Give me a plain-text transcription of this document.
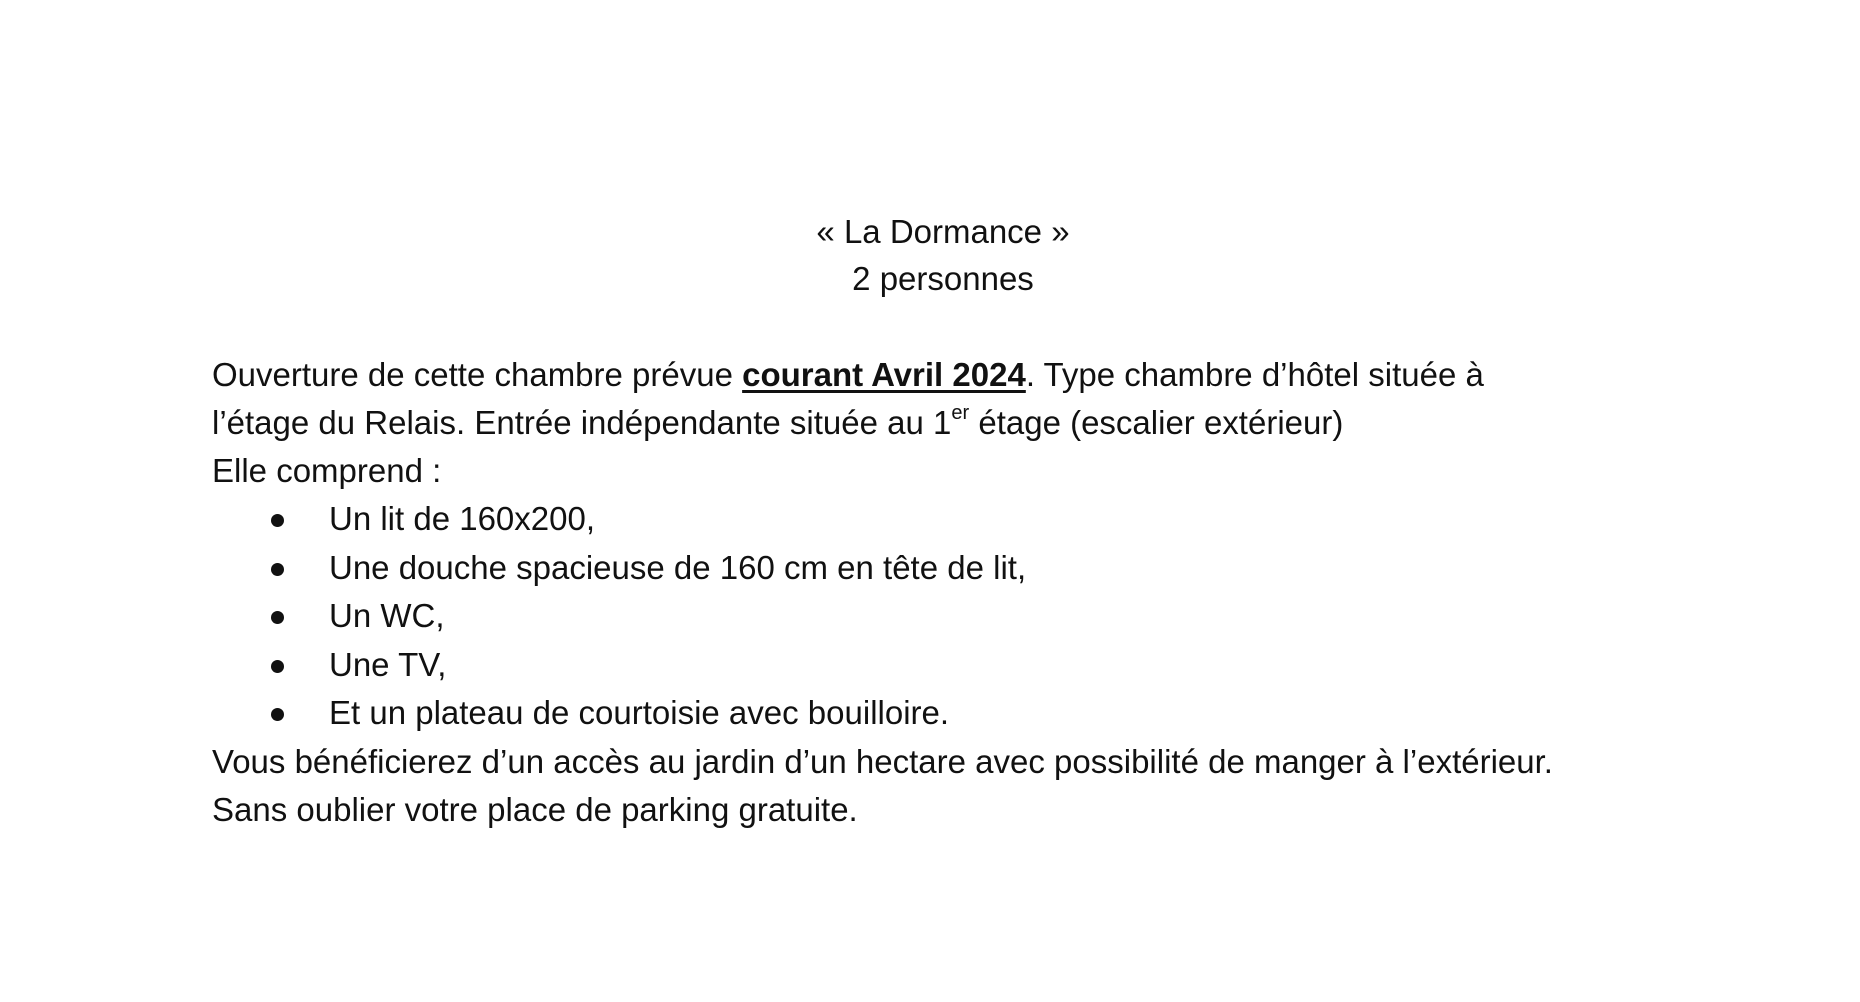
« La Dormance »
2 personnes

Ouverture de cette chambre prévue courant Avril 2024. Type chambre d’hôtel située à

l’étage du Relais. Entrée indépendante située au 1er étage (escalier extérieur)

Elle comprend :

Un lit de 160x200,
Une douche spacieuse de 160 cm en tête de lit,
Un WC,
Une TV,
Et un plateau de courtoisie avec bouilloire.

Vous bénéficierez d’un accès au jardin d’un hectare avec possibilité de manger à l’extérieur.

Sans oublier votre place de parking gratuite.
